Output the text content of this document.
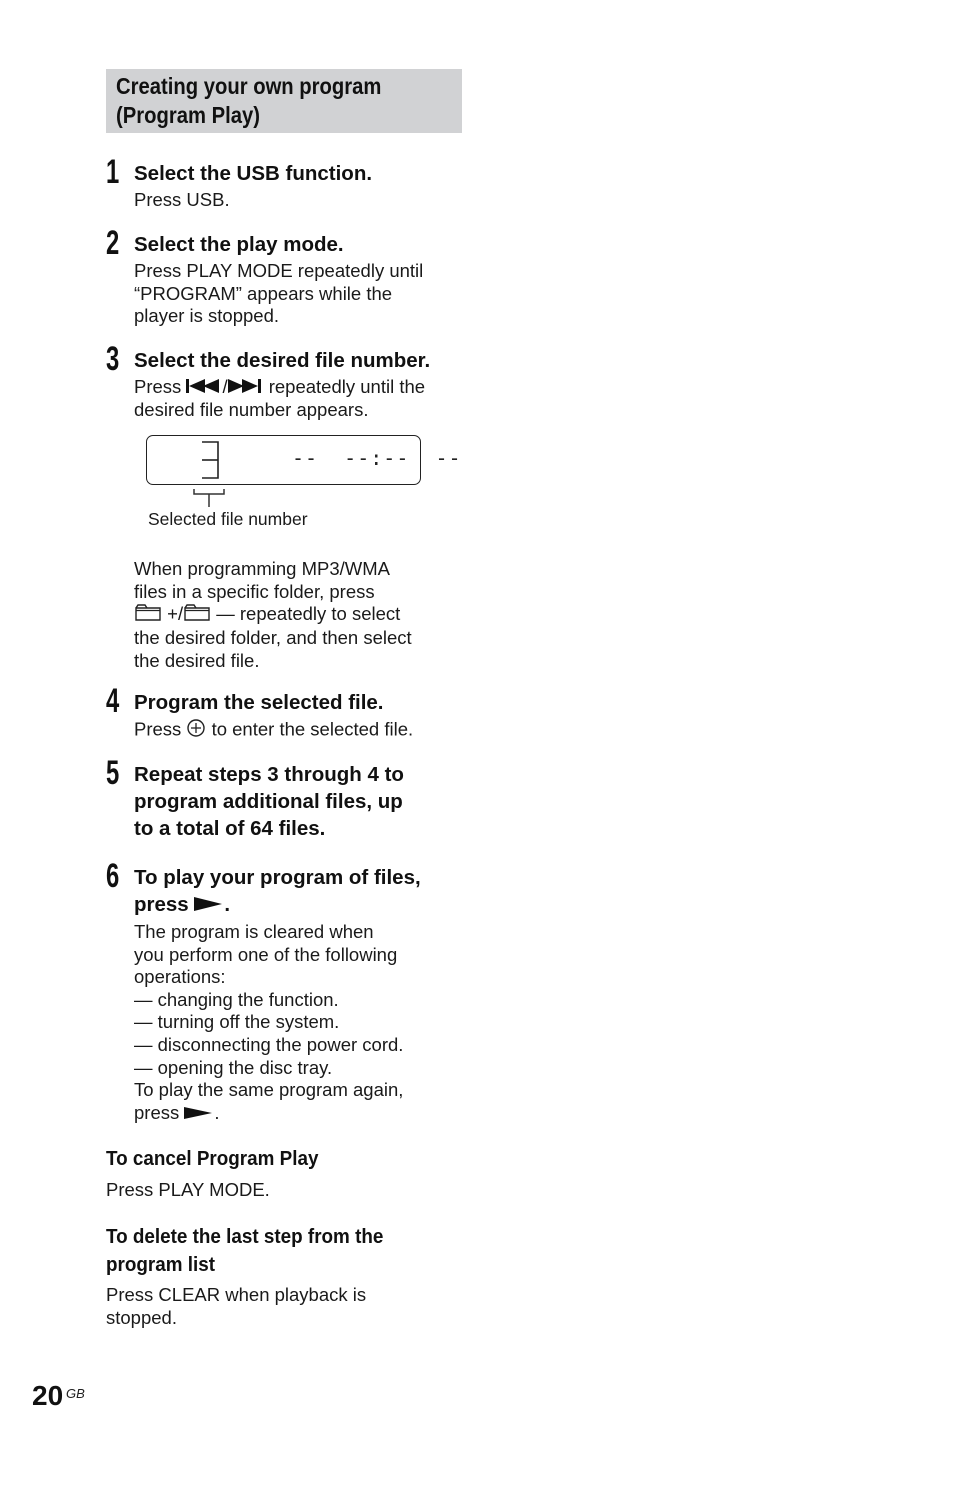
Creating your own program
(Program Play)
1 Select the USB function.
Press USB.
2 Select the play mode.
Press PLAY MODE repeatedly until
“PROGRAM” appears while the
player is stopped.
3 Select the desired file number.
Press / repeatedly until the
desired file number appears.
--  --:--  --
Selected file number
When programming MP3/WMA
files in a specific folder, press
+/ — repeatedly to select
the desired folder, and then select
the desired file.
4 Program the selected file.
Press to enter the selected file.
5 Repeat steps 3 through 4 to
program additional files, up
to a total of 64 files.
6 To play your program of files,
press .
The program is cleared when
you perform one of the following
operations:
— changing the function.
— turning off the system.
— disconnecting the power cord.
— opening the disc tray.
To play the same program again,
press .
To cancel Program Play
Press PLAY MODE.
To delete the last step from the
program list
Press CLEAR when playback is
stopped.
20 GB
